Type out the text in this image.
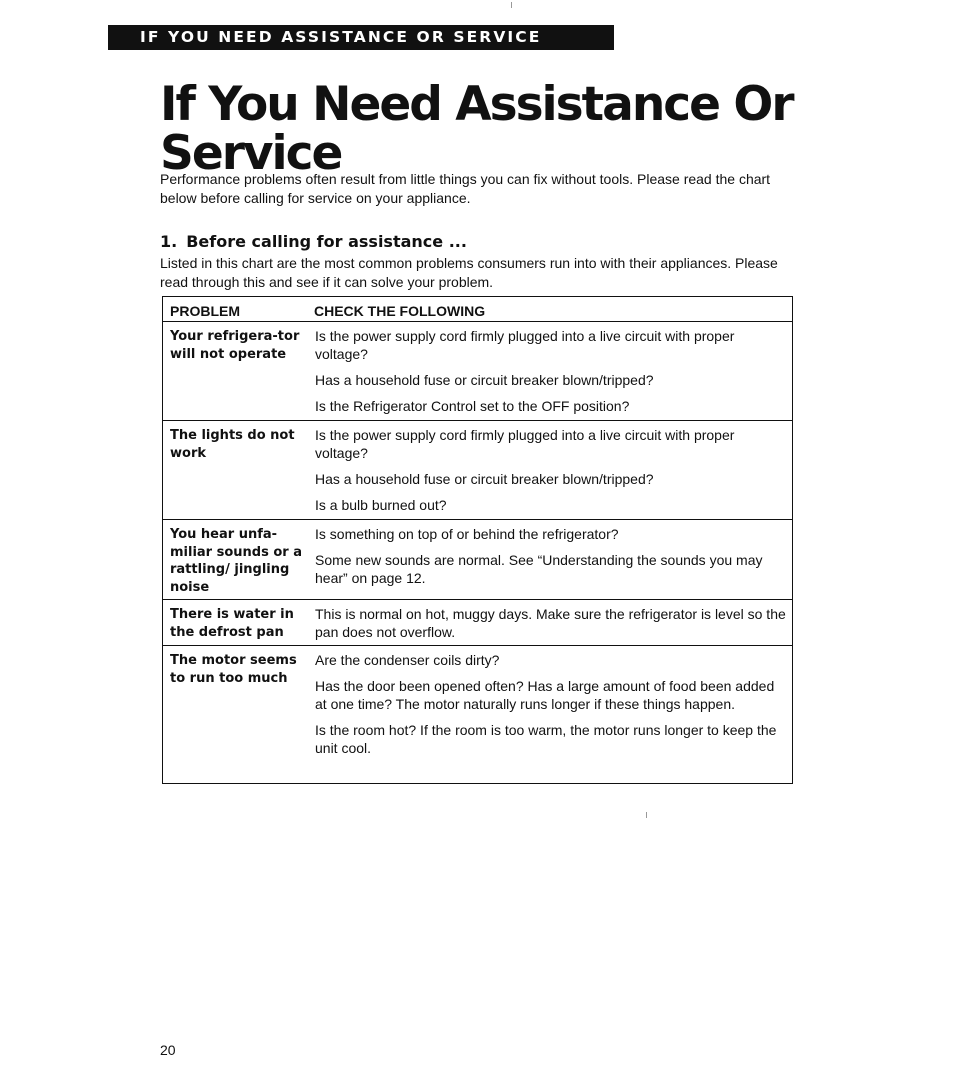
IF YOU NEED ASSISTANCE OR SERVICE
If You Need Assistance Or Service

Performance problems often result from little things you can fix without tools. Please read the chart below before calling for service on your appliance.

1. Before calling for assistance ...

Listed in this chart are the most common problems consumers run into with their appliances. Please read through this and see if it can solve your problem.

PROBLEM	CHECK THE FOLLOWING
Your refrigera-tor will not operate

Is the power supply cord firmly plugged into a live circuit with proper voltage?

Has a household fuse or circuit breaker blown/tripped?

Is the Refrigerator Control set to the OFF position?

The lights do not work

Is the power supply cord firmly plugged into a live circuit with proper voltage?

Has a household fuse or circuit breaker blown/tripped?

Is a bulb burned out?

You hear unfa-miliar sounds or a rattling/ jingling noise

Is something on top of or behind the refrigerator?

Some new sounds are normal. See “Understanding the sounds you may hear” on page 12.

There is water in the defrost pan

This is normal on hot, muggy days. Make sure the refrigerator is level so the pan does not overflow.

The motor seems to run too much

Are the condenser coils dirty?

Has the door been opened often? Has a large amount of food been added at one time? The motor naturally runs longer if these things happen.

Is the room hot? If the room is too warm, the motor runs longer to keep the unit cool.

20
